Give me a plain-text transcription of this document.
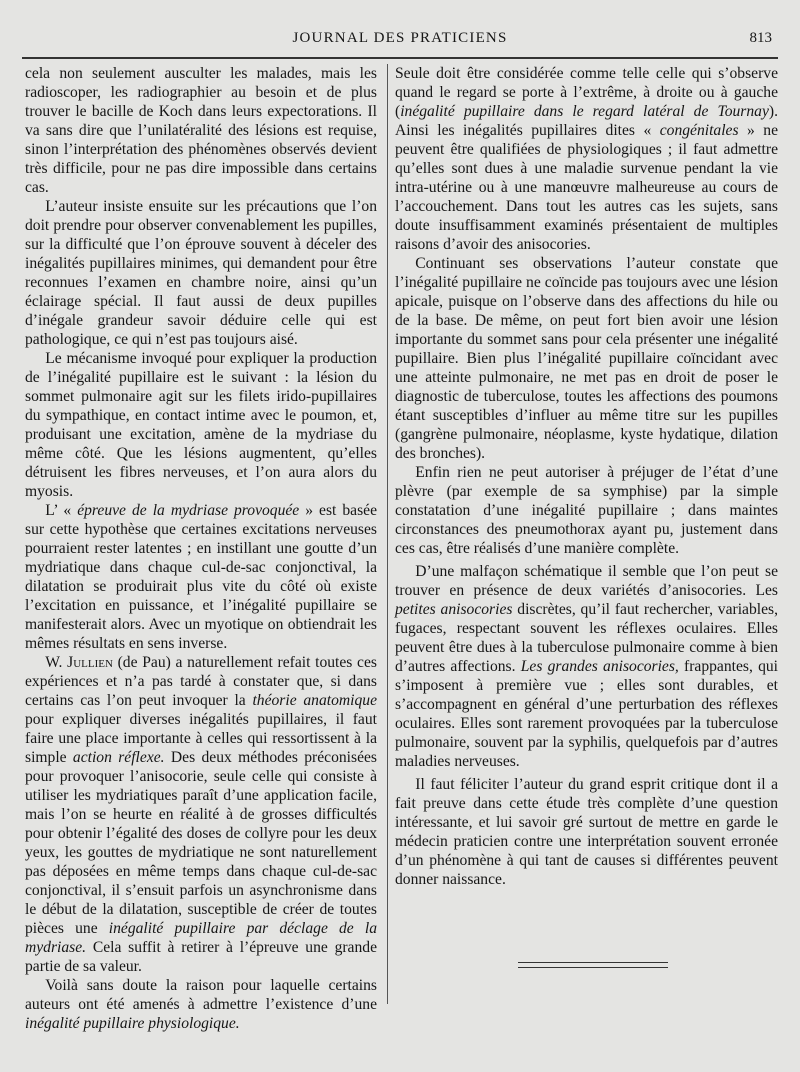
JOURNAL DES PRATICIENS	813

cela non seulement ausculter les malades, mais les radioscoper, les radiographier au besoin et de plus trouver le bacille de Koch dans leurs expectorations. Il va sans dire que l’unilatéralité des lésions est requise, sinon l’interprétation des phénomènes observés devient très difficile, pour ne pas dire impossible dans certains cas.

L’auteur insiste ensuite sur les précautions que l’on doit prendre pour observer convenablement les pupilles, sur la difficulté que l’on éprouve souvent à déceler des inégalités pupillaires minimes, qui demandent pour être reconnues l’examen en chambre noire, ainsi qu’un éclairage spécial. Il faut aussi de deux pupilles d’inégale grandeur savoir déduire celle qui est pathologique, ce qui n’est pas toujours aisé.

Le mécanisme invoqué pour expliquer la production de l’inégalité pupillaire est le suivant : la lésion du sommet pulmonaire agit sur les filets irido-pupillaires du sympathique, en contact intime avec le poumon, et, produisant une excitation, amène de la mydriase du même côté. Que les lésions augmentent, qu’elles détruisent les fibres nerveuses, et l’on aura alors du myosis.

L’ « épreuve de la mydriase provoquée » est basée sur cette hypothèse que certaines excitations nerveuses pourraient rester latentes ; en instillant une goutte d’un mydriatique dans chaque cul-de-sac conjonctival, la dilatation se produirait plus vite du côté où existe l’excitation en puissance, et l’inégalité pupillaire se manifesterait alors. Avec un myotique on obtiendrait les mêmes résultats en sens inverse.

W. Jullien (de Pau) a naturellement refait toutes ces expériences et n’a pas tardé à constater que, si dans certains cas l’on peut invoquer la théorie anatomique pour expliquer diverses inégalités pupillaires, il faut faire une place importante à celles qui ressortissent à la simple action réflexe. Des deux méthodes préconisées pour provoquer l’anisocorie, seule celle qui consiste à utiliser les mydriatiques paraît d’une application facile, mais l’on se heurte en réalité à de grosses difficultés pour obtenir l’égalité des doses de collyre pour les deux yeux, les gouttes de mydriatique ne sont naturellement pas déposées en même temps dans chaque cul-de-sac conjonctival, il s’ensuit parfois un asynchronisme dans le début de la dilatation, susceptible de créer de toutes pièces une inégalité pupillaire par déclage de la mydriase. Cela suffit à retirer à l’épreuve une grande partie de sa valeur.

Voilà sans doute la raison pour laquelle certains auteurs ont été amenés à admettre l’existence d’une inégalité pupillaire physiologique.

Seule doit être considérée comme telle celle qui s’observe quand le regard se porte à l’extrême, à droite ou à gauche (inégalité pupillaire dans le regard latéral de Tournay). Ainsi les inégalités pupillaires dites « congénitales » ne peuvent être qualifiées de physiologiques ; il faut admettre qu’elles sont dues à une maladie survenue pendant la vie intra-utérine ou à une manœuvre malheureuse au cours de l’accouchement. Dans tout les autres cas les sujets, sans doute insuffisamment examinés présentaient de multiples raisons d’avoir des anisocories.

Continuant ses observations l’auteur constate que l’inégalité pupillaire ne coïncide pas toujours avec une lésion apicale, puisque on l’observe dans des affections du hile ou de la base. De même, on peut fort bien avoir une lésion importante du sommet sans pour cela présenter une inégalité pupillaire. Bien plus l’inégalité pupillaire coïncidant avec une atteinte pulmonaire, ne met pas en droit de poser le diagnostic de tuberculose, toutes les affections des poumons étant susceptibles d’influer au même titre sur les pupilles (gangrène pulmonaire, néoplasme, kyste hydatique, dilation des bronches).

Enfin rien ne peut autoriser à préjuger de l’état d’une plèvre (par exemple de sa symphise) par la simple constatation d’une inégalité pupillaire ; dans maintes circonstances des pneumothorax ayant pu, justement dans ces cas, être réalisés d’une manière complète.

D’une malfaçon schématique il semble que l’on peut se trouver en présence de deux variétés d’anisocories. Les petites anisocories discrètes, qu’il faut rechercher, variables, fugaces, respectant souvent les réflexes oculaires. Elles peuvent être dues à la tuberculose pulmonaire comme à bien d’autres affections. Les grandes anisocories, frappantes, qui s’imposent à première vue ; elles sont durables, et s’accompagnent en général d’une perturbation des réflexes oculaires. Elles sont rarement provoquées par la tuberculose pulmonaire, souvent par la syphilis, quelquefois par d’autres maladies nerveuses.

Il faut féliciter l’auteur du grand esprit critique dont il a fait preuve dans cette étude très complète d’une question intéressante, et lui savoir gré surtout de mettre en garde le médecin praticien contre une interprétation souvent erronée d’un phénomène à qui tant de causes si différentes peuvent donner naissance.
